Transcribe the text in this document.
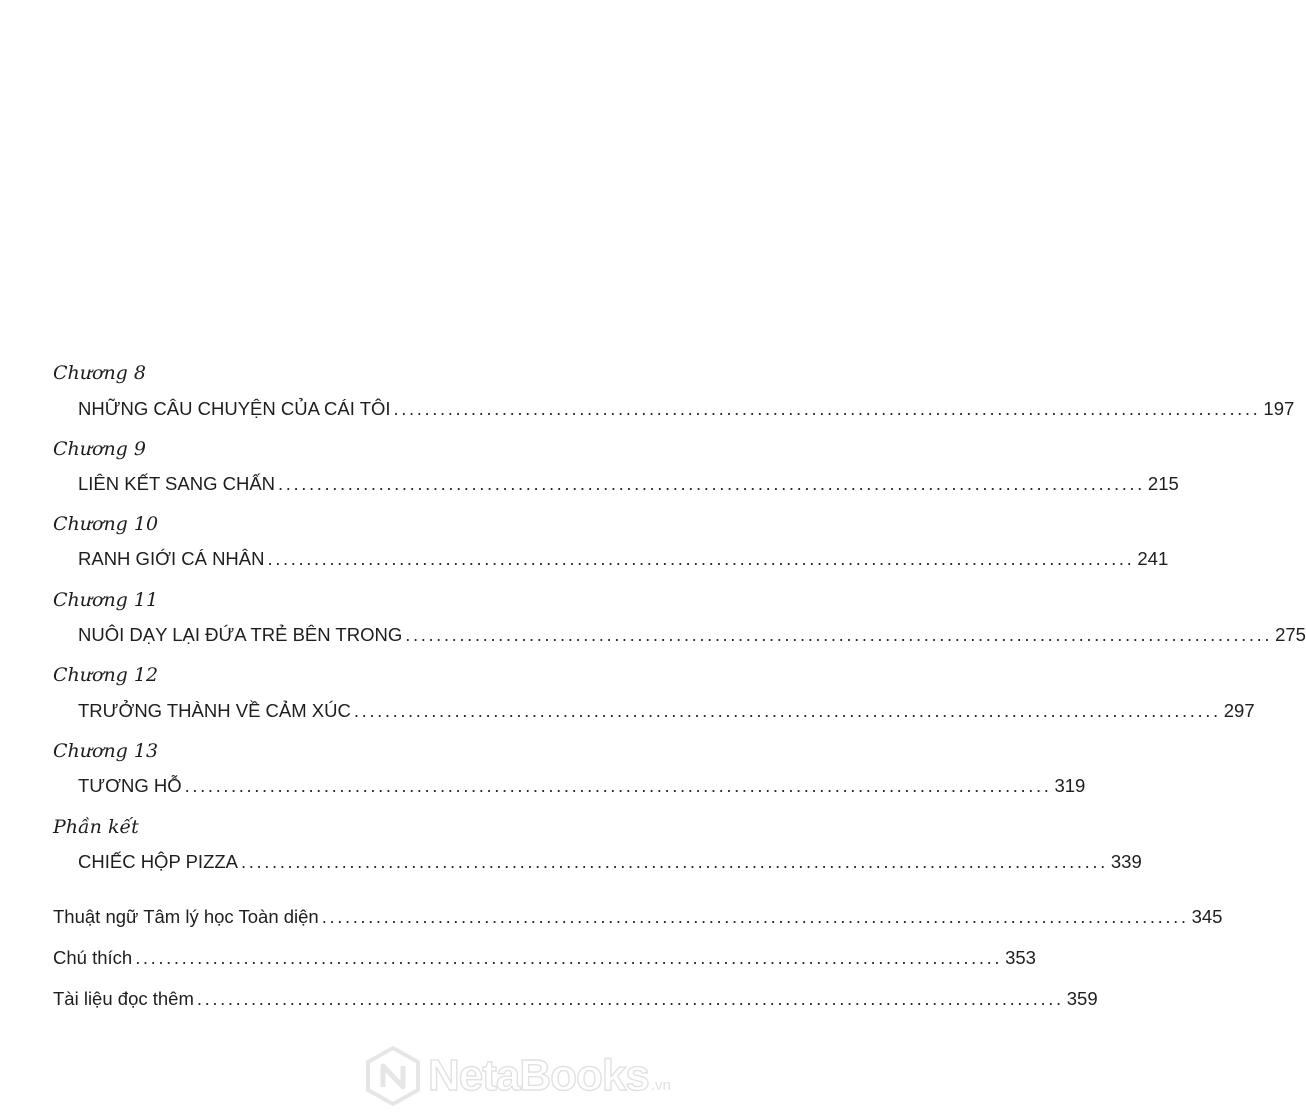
Chương 8
NHỮNG CÂU CHUYỆN CỦA CÁI TÔI ................................................................................................................ 197
Chương 9
LIÊN KẾT SANG CHẤN ................................................................................................................ 215
Chương 10
RANH GIỚI CÁ NHÂN ................................................................................................................ 241
Chương 11
NUÔI DẠY LẠI ĐỨA TRẺ BÊN TRONG ................................................................................................................ 275
Chương 12
TRƯỞNG THÀNH VỀ CẢM XÚC ................................................................................................................ 297
Chương 13
TƯƠNG HỖ ................................................................................................................ 319
Phần kết
CHIẾC HỘP PIZZA ................................................................................................................ 339
Thuật ngữ Tâm lý học Toàn diện ................................................................................................................ 345
Chú thích ................................................................................................................ 353
Tài liệu đọc thêm ................................................................................................................ 359
NetaBooks .vn
